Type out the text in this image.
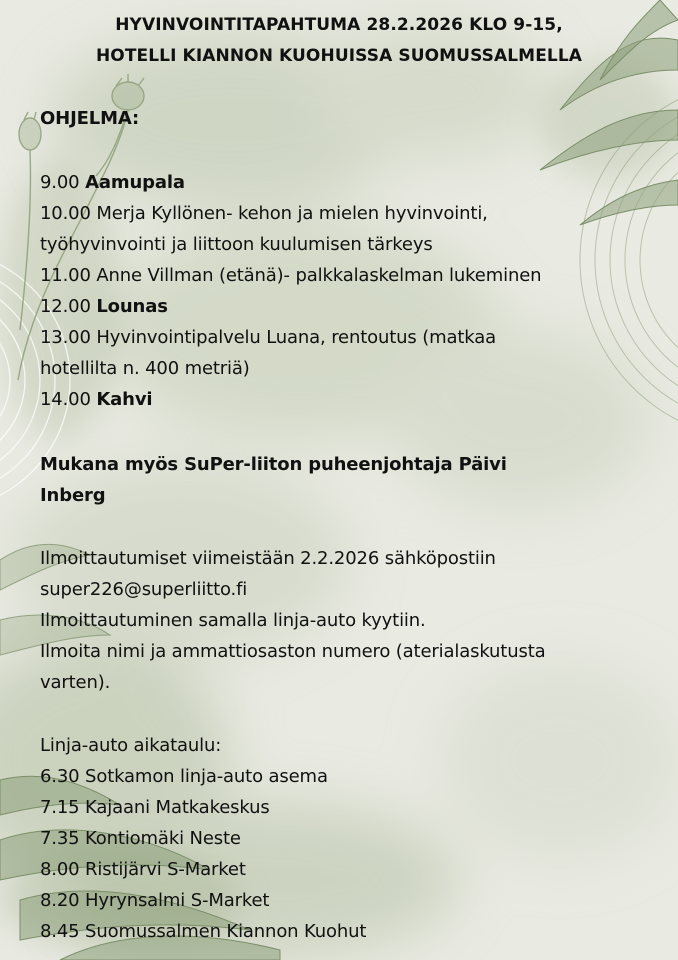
HYVINVOINTITAPAHTUMA 28.2.2026 KLO 9-15,
HOTELLI KIANNON KUOHUISSA SUOMUSSALMELLA
OHJELMA:
9.00 Aamupala
10.00 Merja Kyllönen- kehon ja mielen hyvinvointi,
työhyvinvointi ja liittoon kuulumisen tärkeys
11.00 Anne Villman (etänä)- palkkalaskelman lukeminen
12.00 Lounas
13.00 Hyvinvointipalvelu Luana, rentoutus (matkaa
hotellilta n. 400 metriä)
14.00 Kahvi
Mukana myös SuPer-liiton puheenjohtaja Päivi
Inberg
Ilmoittautumiset viimeistään 2.2.2026 sähköpostiin
super226@superliitto.fi
Ilmoittautuminen samalla linja-auto kyytiin.
Ilmoita nimi ja ammattiosaston numero (aterialaskutusta
varten).
Linja-auto aikataulu:
6.30 Sotkamon linja-auto asema
7.15 Kajaani Matkakeskus
7.35 Kontiomäki Neste
8.00 Ristijärvi S-Market
8.20 Hyrynsalmi S-Market
8.45 Suomussalmen Kiannon Kuohut
